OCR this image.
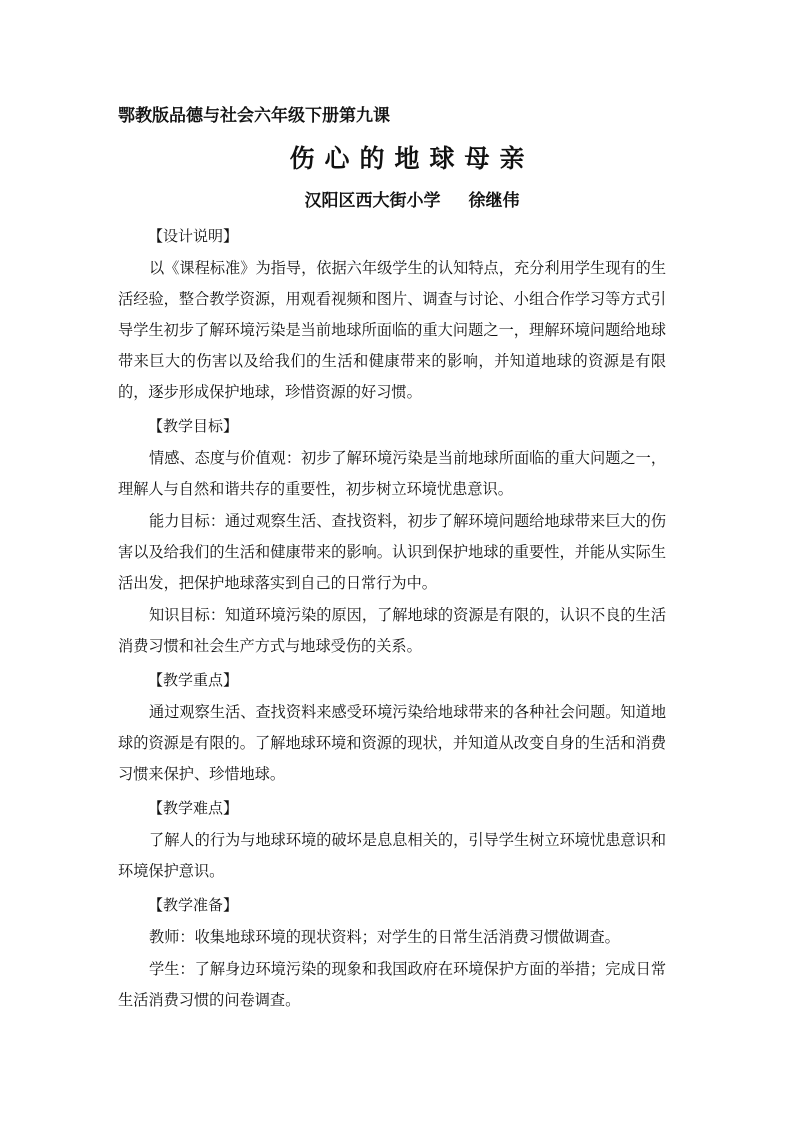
鄂教版品德与社会六年级下册第九课

伤心的地球母亲

汉阳区西大街小学 徐继伟

【设计说明】

以《课程标准》为指导，依据六年级学生的认知特点，充分利用学生现有的生活经验，整合教学资源，用观看视频和图片、调查与讨论、小组合作学习等方式引导学生初步了解环境污染是当前地球所面临的重大问题之一，理解环境问题给地球带来巨大的伤害以及给我们的生活和健康带来的影响，并知道地球的资源是有限的，逐步形成保护地球，珍惜资源的好习惯。

【教学目标】

情感、态度与价值观：初步了解环境污染是当前地球所面临的重大问题之一，理解人与自然和谐共存的重要性，初步树立环境忧患意识。

能力目标：通过观察生活、查找资料，初步了解环境问题给地球带来巨大的伤害以及给我们的生活和健康带来的影响。认识到保护地球的重要性，并能从实际生活出发，把保护地球落实到自己的日常行为中。

知识目标：知道环境污染的原因，了解地球的资源是有限的，认识不良的生活消费习惯和社会生产方式与地球受伤的关系。

【教学重点】

通过观察生活、查找资料来感受环境污染给地球带来的各种社会问题。知道地球的资源是有限的。了解地球环境和资源的现状，并知道从改变自身的生活和消费习惯来保护、珍惜地球。

【教学难点】

了解人的行为与地球环境的破坏是息息相关的，引导学生树立环境忧患意识和环境保护意识。

【教学准备】

教师：收集地球环境的现状资料；对学生的日常生活消费习惯做调查。

学生：了解身边环境污染的现象和我国政府在环境保护方面的举措；完成日常生活消费习惯的问卷调查。
